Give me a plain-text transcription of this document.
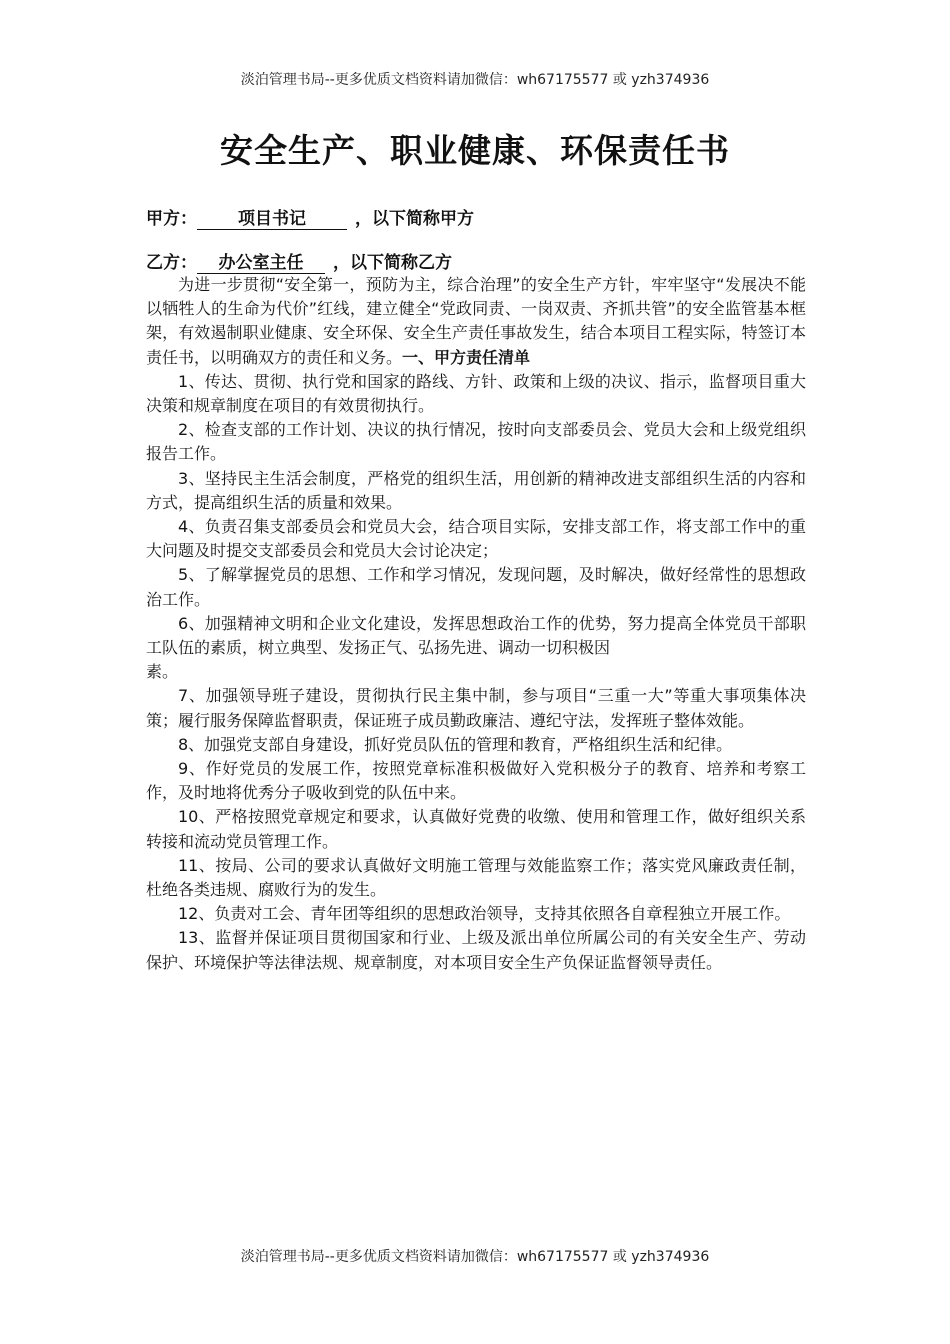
淡泊管理书局--更多优质文档资料请加微信：wh67175577 或 yzh374936
安全生产、职业健康、环保责任书
甲方： 项目书记	，以下简称甲方
乙方： 办公室主任 ，以下简称乙方

为进一步贯彻“安全第一，预防为主，综合治理”的安全生产方针，牢牢坚守“发展决不能以牺牲人的生命为代价”红线，建立健全“党政同责、一岗双责、齐抓共管”的安全监管基本框架，有效遏制职业健康、安全环保、安全生产责任事故发生，结合本项目工程实际，特签订本责任书，以明确双方的责任和义务。一、甲方责任清单

1、传达、贯彻、执行党和国家的路线、方针、政策和上级的决议、指示，监督项目重大决策和规章制度在项目的有效贯彻执行。

2、检查支部的工作计划、决议的执行情况，按时向支部委员会、党员大会和上级党组织报告工作。

3、坚持民主生活会制度，严格党的组织生活，用创新的精神改进支部组织生活的内容和方式，提高组织生活的质量和效果。

4、负责召集支部委员会和党员大会，结合项目实际，安排支部工作，将支部工作中的重大问题及时提交支部委员会和党员大会讨论决定；

5、了解掌握党员的思想、工作和学习情况，发现问题，及时解决，做好经常性的思想政治工作。

6、加强精神文明和企业文化建设，发挥思想政治工作的优势，努力提高全体党员干部职工队伍的素质，树立典型、发扬正气、弘扬先进、调动一切积极因

素。

7、加强领导班子建设，贯彻执行民主集中制，参与项目“三重一大”等重大事项集体决策；履行服务保障监督职责，保证班子成员勤政廉洁、遵纪守法，发挥班子整体效能。

8、加强党支部自身建设，抓好党员队伍的管理和教育，严格组织生活和纪律。

9、作好党员的发展工作，按照党章标准积极做好入党积极分子的教育、培养和考察工作，及时地将优秀分子吸收到党的队伍中来。

10、严格按照党章规定和要求，认真做好党费的收缴、使用和管理工作，做好组织关系转接和流动党员管理工作。

11、按局、公司的要求认真做好文明施工管理与效能监察工作；落实党风廉政责任制，杜绝各类违规、腐败行为的发生。

12、负责对工会、青年团等组织的思想政治领导，支持其依照各自章程独立开展工作。

13、监督并保证项目贯彻国家和行业、上级及派出单位所属公司的有关安全生产、劳动保护、环境保护等法律法规、规章制度，对本项目安全生产负保证监督领导责任。

淡泊管理书局--更多优质文档资料请加微信：wh67175577 或 yzh374936
